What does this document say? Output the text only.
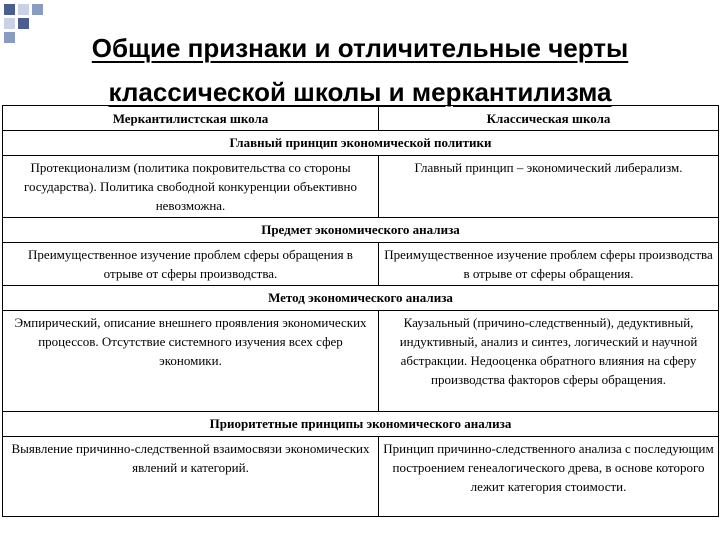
Общие признаки и отличительные черты
классической школы и меркантилизма
Меркантилистская школа	Классическая школа
Главный принцип экономической политики	
Протекционализм (политика покровительства со стороны государства). Политика свободной конкуренции объективно невозможна.	Главный принцип – экономический либерализм.
Предмет экономического анализа	
Преимущественное изучение проблем сферы обращения в отрыве от сферы производства.	Преимущественное изучение проблем сферы производства в отрыве от сферы обращения.
Метод экономического анализа	
Эмпирический, описание внешнего проявления экономических процессов. Отсутствие системного изучения всех сфер экономики.	Каузальный (причино-следственный), дедуктивный, индуктивный, анализ и синтез, логический и научной абстракции. Недооценка обратного влияния на сферу производства факторов сферы обращения.
Приоритетные принципы экономического анализа	
Выявление причинно-следственной взаимосвязи экономических явлений и категорий.	Принцип причинно-следственного анализа с последующим построением генеалогического древа, в основе которого лежит категория стоимости.
